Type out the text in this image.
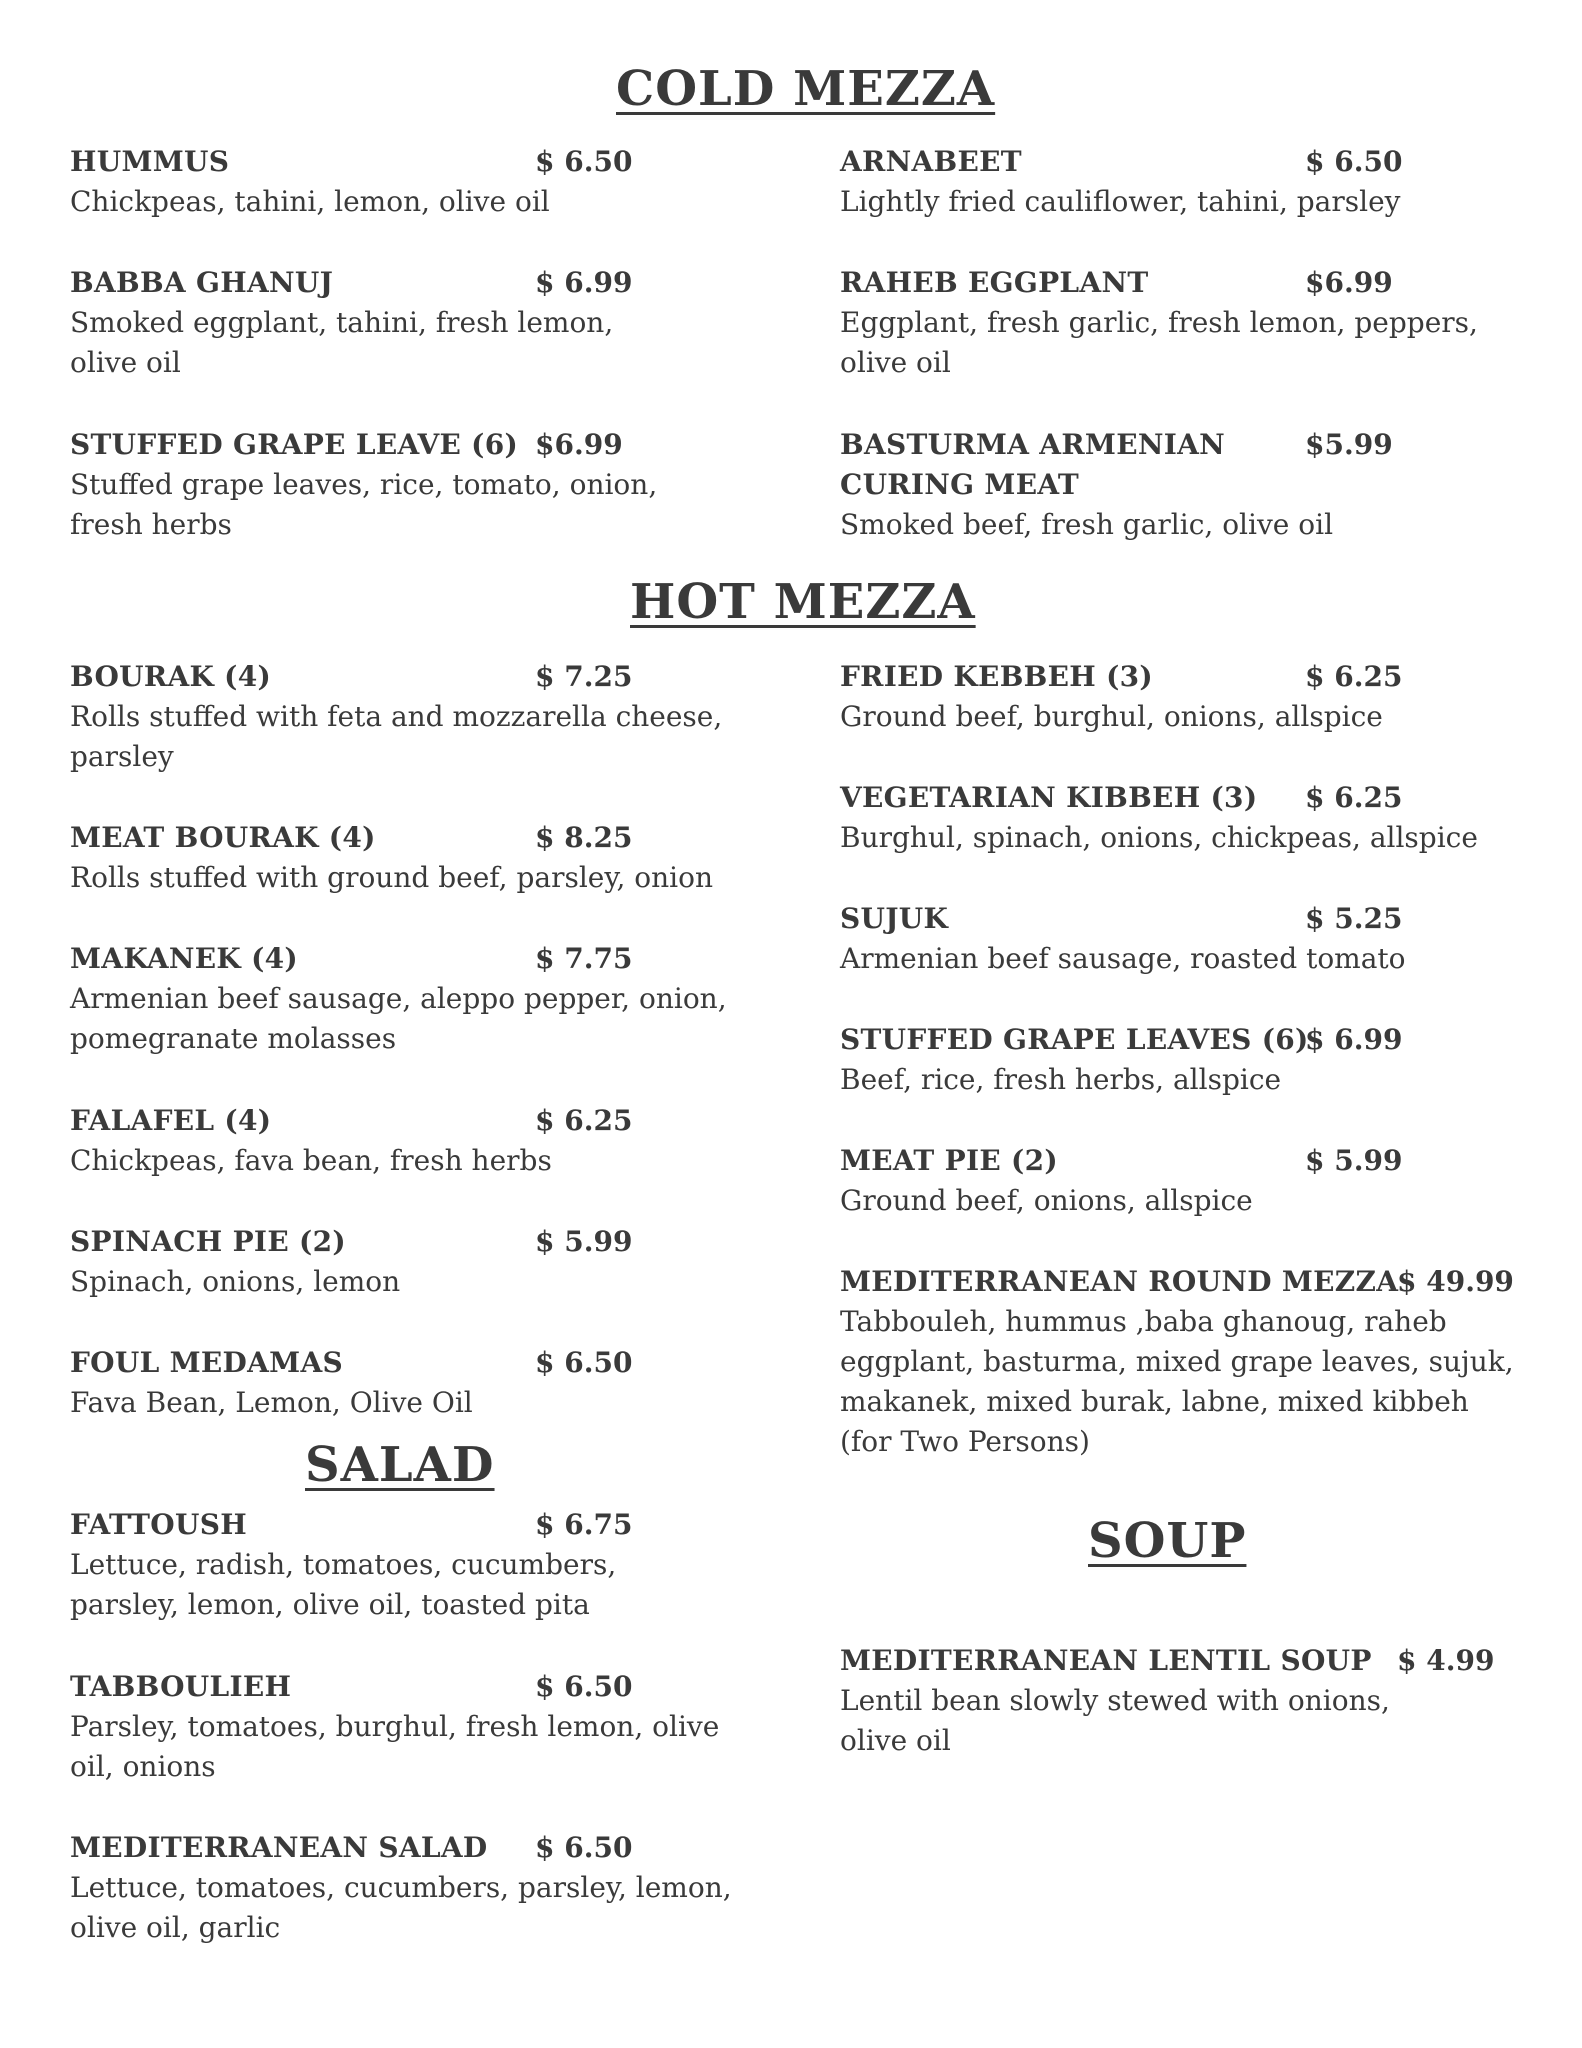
COLD MEZZA
HUMMUS	$ 6.50
Chickpeas, tahini, lemon, olive oil
ARNABEET	$ 6.50
Lightly fried cauliflower, tahini, parsley
BABBA GHANUJ	$ 6.99
Smoked eggplant, tahini, fresh lemon,
olive oil
RAHEB EGGPLANT	$6.99
Eggplant, fresh garlic, fresh lemon, peppers,
olive oil
STUFFED GRAPE LEAVE (6) $6.99
Stuffed grape leaves, rice, tomato, onion,
fresh herbs
BASTURMA ARMENIAN CURING MEAT
$5.99
Smoked beef, fresh garlic, olive oil
HOT MEZZA
BOURAK (4)	$ 7.25
Rolls stuffed with feta and mozzarella cheese,
parsley
MEAT BOURAK (4)	$ 8.25
Rolls stuffed with ground beef, parsley, onion
MAKANEK (4)	$ 7.75
Armenian beef sausage, aleppo pepper, onion,
pomegranate molasses
FALAFEL (4)	$ 6.25
Chickpeas, fava bean, fresh herbs
SPINACH PIE (2)	$ 5.99
Spinach, onions, lemon
FOUL MEDAMAS	$ 6.50
Fava Bean, Lemon, Olive Oil
FRIED KEBBEH (3)	$ 6.25
Ground beef, burghul, onions, allspice
VEGETARIAN KIBBEH (3) $ 6.25
Burghul, spinach, onions, chickpeas, allspice
SUJUK	$ 5.25
Armenian beef sausage, roasted tomato
STUFFED GRAPE LEAVES (6)
$ 6.99
Beef, rice, fresh herbs, allspice
MEAT PIE (2)	$ 5.99
Ground beef, onions, allspice
MEDITERRANEAN ROUND MEZZA
$ 49.99
Tabbouleh, hummus ,baba ghanoug, raheb
eggplant, basturma, mixed grape leaves, sujuk,
makanek, mixed burak, labne, mixed kibbeh
(for Two Persons)
SALAD
FATTOUSH	$ 6.75
Lettuce, radish, tomatoes, cucumbers,
parsley, lemon, olive oil, toasted pita
TABBOULIEH	$ 6.50
Parsley, tomatoes, burghul, fresh lemon, olive
oil, onions
MEDITERRANEAN SALAD $ 6.50
Lettuce, tomatoes, cucumbers, parsley, lemon,
olive oil, garlic
SOUP
MEDITERRANEAN LENTIL SOUP $ 4.99
Lentil bean slowly stewed with onions,
olive oil
